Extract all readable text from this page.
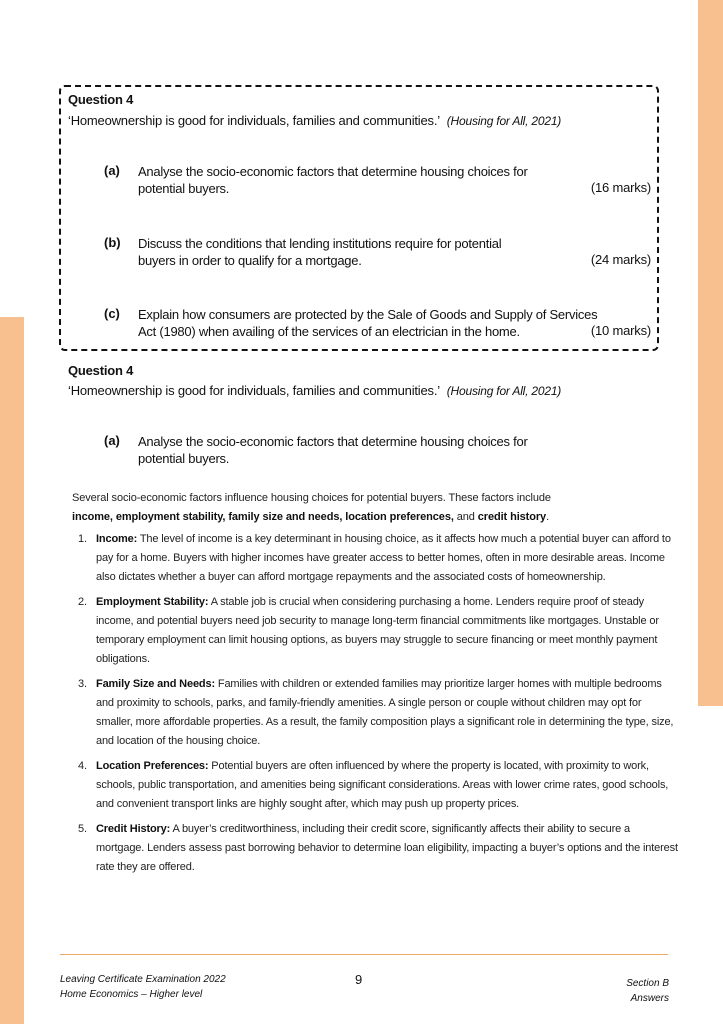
Question 4
‘Homeownership is good for individuals, families and communities.’ (Housing for All, 2021)
(a) Analyse the socio-economic factors that determine housing choices for
potential buyers.	(16 marks)
(b) Discuss the conditions that lending institutions require for potential
buyers in order to qualify for a mortgage.	(24 marks)
(c) Explain how consumers are protected by the Sale of Goods and Supply of Services
Act (1980) when availing of the services of an electrician in the home.	(10 marks)
Question 4
‘Homeownership is good for individuals, families and communities.’ (Housing for All, 2021)
(a) Analyse the socio-economic factors that determine housing choices for
potential buyers.
Several socio-economic factors influence housing choices for potential buyers. These factors include
income, employment stability, family size and needs, location preferences, and credit history.
1. Income: The level of income is a key determinant in housing choice, as it affects how much a potential buyer can afford to pay for a home. Buyers with higher incomes have greater access to better homes, often in more desirable areas. Income also dictates whether a buyer can afford mortgage repayments and the associated costs of homeownership.
2. Employment Stability: A stable job is crucial when considering purchasing a home. Lenders require proof of steady income, and potential buyers need job security to manage long-term financial commitments like mortgages. Unstable or temporary employment can limit housing options, as buyers may struggle to secure financing or meet monthly payment obligations.
3. Family Size and Needs: Families with children or extended families may prioritize larger homes with multiple bedrooms and proximity to schools, parks, and family-friendly amenities. A single person or couple without children may opt for smaller, more affordable properties. As a result, the family composition plays a significant role in determining the type, size, and location of the housing choice.
4. Location Preferences: Potential buyers are often influenced by where the property is located, with proximity to work, schools, public transportation, and amenities being significant considerations. Areas with lower crime rates, good schools, and convenient transport links are highly sought after, which may push up property prices.
5. Credit History: A buyer’s creditworthiness, including their credit score, significantly affects their ability to secure a mortgage. Lenders assess past borrowing behavior to determine loan eligibility, impacting a buyer’s options and the interest rate they are offered.
Leaving Certificate Examination 2022
Home Economics – Higher level
9	Section B
Answers
